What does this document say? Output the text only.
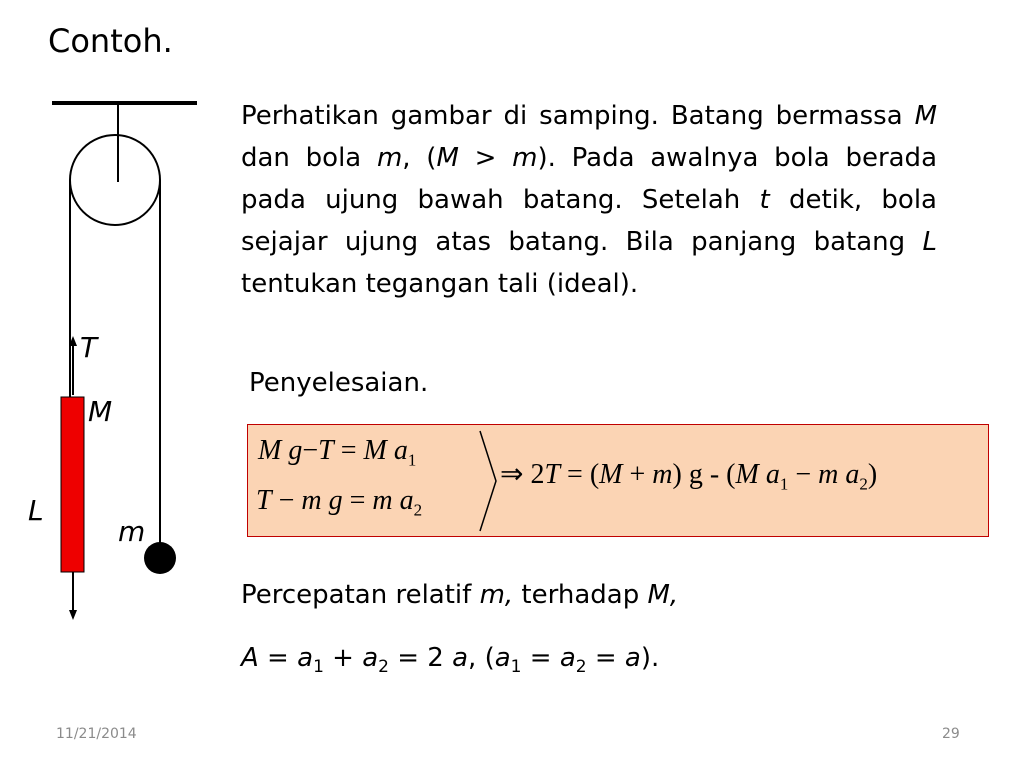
Contoh.
T
M
L
m
Perhatikan gambar di samping. Batang bermassa M dan bola m, (M > m). Pada awalnya bola berada pada ujung bawah batang. Setelah t detik, bola sejajar ujung atas batang. Bila panjang batang L tentukan tegangan tali (ideal).
Penyelesaian.
M g−T = M $a_1$
T − m g = m $a_2$
⇒ 2T = (M + m) g - (M $a_1 - m$ $a_2$)
Percepatan relatif m, terhadap M,
$A = a_1 + a_2 = 2$ a, $(a_1 = a_2 = a)$.
11/21/2014	29
